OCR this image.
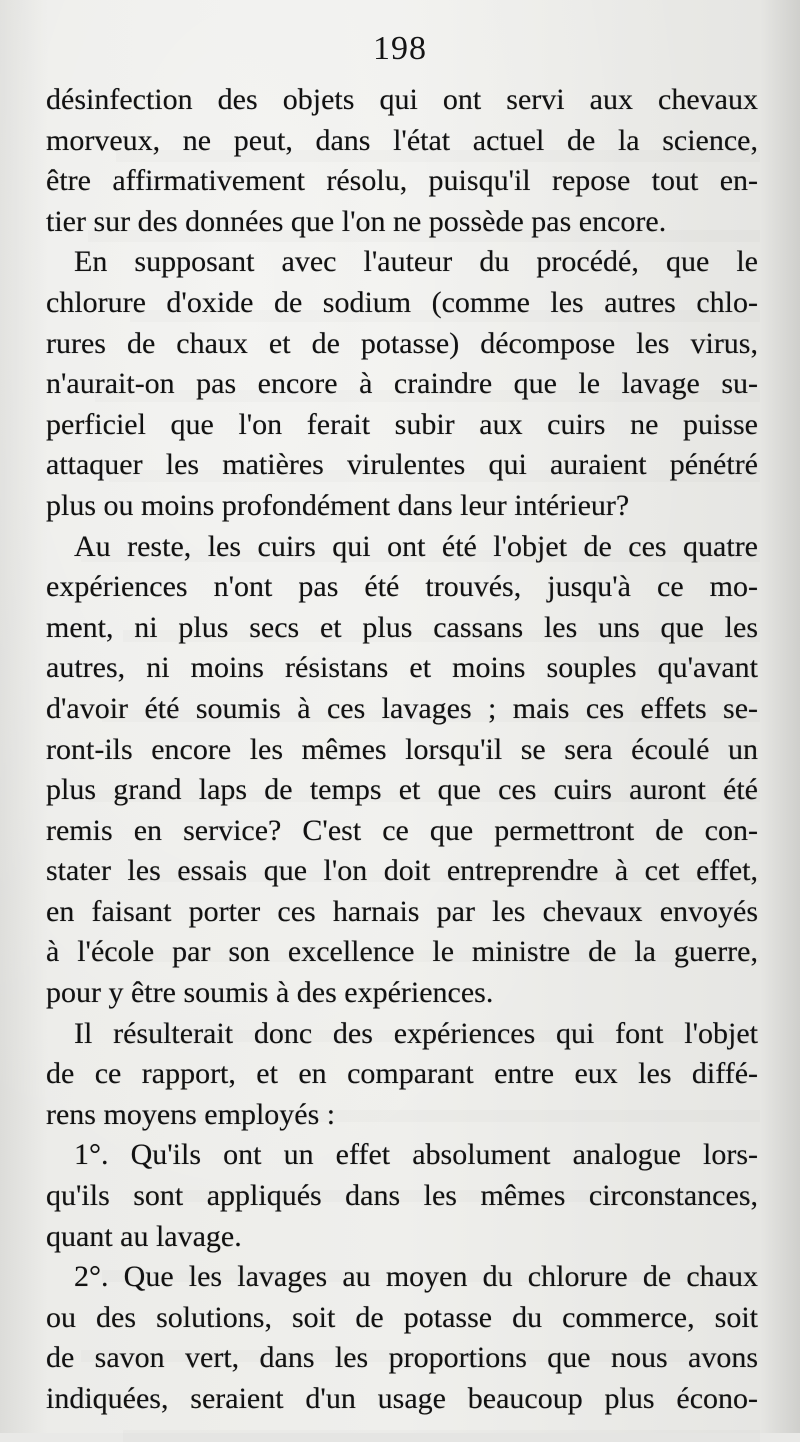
198
désinfection des objets qui ont servi aux chevaux
morveux, ne peut, dans l'état actuel de la science,
être affirmativement résolu, puisqu'il repose tout en-
tier sur des données que l'on ne possède pas encore.
En supposant avec l'auteur du procédé, que le
chlorure d'oxide de sodium (comme les autres chlo-
rures de chaux et de potasse) décompose les virus,
n'aurait-on pas encore à craindre que le lavage su-
perficiel que l'on ferait subir aux cuirs ne puisse
attaquer les matières virulentes qui auraient pénétré
plus ou moins profondément dans leur intérieur?
Au reste, les cuirs qui ont été l'objet de ces quatre
expériences n'ont pas été trouvés, jusqu'à ce mo-
ment, ni plus secs et plus cassans les uns que les
autres, ni moins résistans et moins souples qu'avant
d'avoir été soumis à ces lavages ; mais ces effets se-
ront-ils encore les mêmes lorsqu'il se sera écoulé un
plus grand laps de temps et que ces cuirs auront été
remis en service? C'est ce que permettront de con-
stater les essais que l'on doit entreprendre à cet effet,
en faisant porter ces harnais par les chevaux envoyés
à l'école par son excellence le ministre de la guerre,
pour y être soumis à des expériences.
Il résulterait donc des expériences qui font l'objet
de ce rapport, et en comparant entre eux les diffé-
rens moyens employés :
1°. Qu'ils ont un effet absolument analogue lors-
qu'ils sont appliqués dans les mêmes circonstances,
quant au lavage.
2°. Que les lavages au moyen du chlorure de chaux
ou des solutions, soit de potasse du commerce, soit
de savon vert, dans les proportions que nous avons
indiquées, seraient d'un usage beaucoup plus écono-
